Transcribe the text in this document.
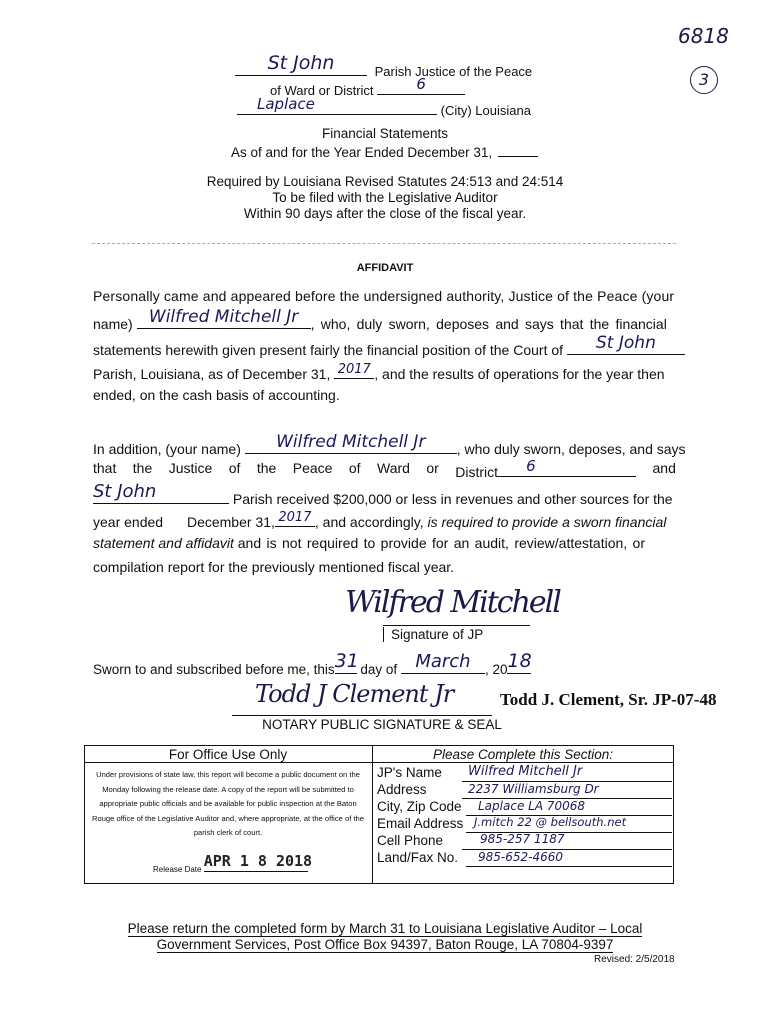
6818
3
St John	Parish Justice of the Peace
of Ward or District	6
Laplace	(City) Louisiana
Financial Statements
As of and for the Year Ended December 31,
Required by Louisiana Revised Statutes 24:513 and 24:514
To be filed with the Legislative Auditor
Within 90 days after the close of the fiscal year.
AFFIDAVIT
Personally came and appeared before the undersigned authority, Justice of the Peace (your
name) Wilfred Mitchell Jr , who, duly sworn, deposes and says that the financial
statements herewith given present fairly the financial position of the Court of	St John
Parish, Louisiana, as of December 31, 2017 , and the results of operations for the year then
ended, on the cash basis of accounting.
In addition, (your name)	Wilfred Mitchell Jr	, who duly sworn, deposes, and says
that the Justice of the Peace of Ward or District 6	and
St John	Parish received $200,000 or less in revenues and other sources for the
year ended December 31, 2017 , and accordingly, is required to provide a sworn financial
statement and affidavit and is not required to provide for an audit, review/attestation, or
compilation report for the previously mentioned fiscal year.
Wilfred Mitchell
Signature of JP
Sworn to and subscribed before me, this 31 day of	March	, 20 18
Todd J Clement Jr	Todd J. Clement, Sr. JP-07-48
NOTARY PUBLIC SIGNATURE & SEAL
For Office Use Only
Under provisions of state law, this report will become a public document on the Monday following the release date. A copy of the report will be submitted to appropriate public officials and be available for public inspection at the Baton Rouge office of the Legislative Auditor and, where appropriate, at the office of the parish clerk of court.
Release Date APR 1 8 2018
Please Complete this Section:
JP's Name Wilfred Mitchell Jr
Address	2237 Williamsburg Dr
City, Zip Code Laplace LA 70068
Email Address J.mitch 22 @ bellsouth.net
Cell Phone	985-257 1187
Land/Fax No. 985-652-4660
Please return the completed form by March 31 to Louisiana Legislative Auditor – Local
Government Services, Post Office Box 94397, Baton Rouge, LA 70804-9397
Revised: 2/5/2018
